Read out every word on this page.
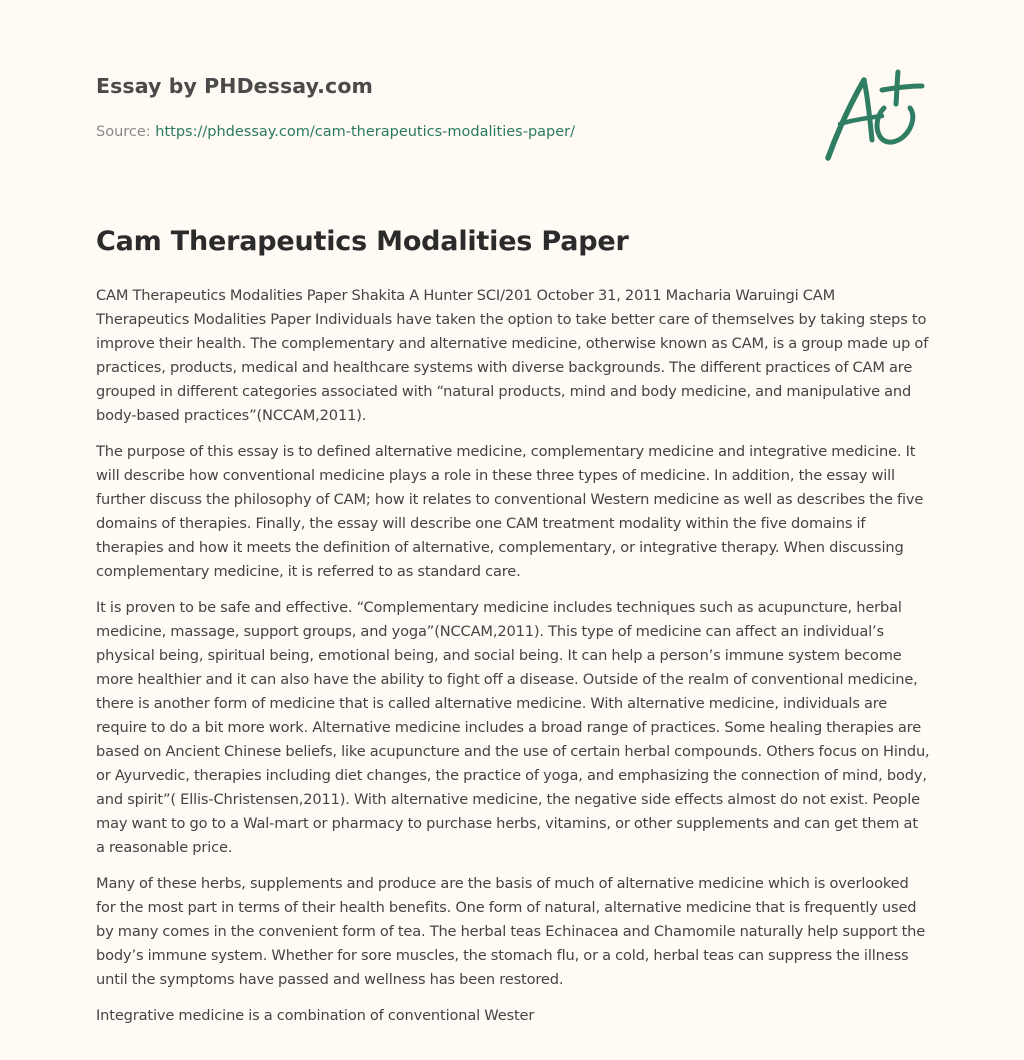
Essay by PHDessay.com

Source: https://phdessay.com/cam-therapeutics-modalities-paper/
Cam Therapeutics Modalities Paper

CAM Therapeutics Modalities Paper Shakita A Hunter SCI/201 October 31, 2011 Macharia Waruingi CAM Therapeutics Modalities Paper Individuals have taken the option to take better care of themselves by taking steps to improve their health. The complementary and alternative medicine, otherwise known as CAM, is a group made up of practices, products, medical and healthcare systems with diverse backgrounds. The different practices of CAM are grouped in different categories associated with “natural products, mind and body medicine, and manipulative and body-based practices”(NCCAM,2011).

The purpose of this essay is to defined alternative medicine, complementary medicine and integrative medicine. It will describe how conventional medicine plays a role in these three types of medicine. In addition, the essay will further discuss the philosophy of CAM; how it relates to conventional Western medicine as well as describes the five domains of therapies. Finally, the essay will describe one CAM treatment modality within the five domains if therapies and how it meets the definition of alternative, complementary, or integrative therapy. When discussing complementary medicine, it is referred to as standard care.

It is proven to be safe and effective. “Complementary medicine includes techniques such as acupuncture, herbal medicine, massage, support groups, and yoga”(NCCAM,2011). This type of medicine can affect an individual’s physical being, spiritual being, emotional being, and social being. It can help a person’s immune system become more healthier and it can also have the ability to fight off a disease. Outside of the realm of conventional medicine, there is another form of medicine that is called alternative medicine. With alternative medicine, individuals are require to do a bit more work. Alternative medicine includes a broad range of practices. Some healing therapies are based on Ancient Chinese beliefs, like acupuncture and the use of certain herbal compounds. Others focus on Hindu, or Ayurvedic, therapies including diet changes, the practice of yoga, and emphasizing the connection of mind, body, and spirit”( Ellis-Christensen,2011). With alternative medicine, the negative side effects almost do not exist. People may want to go to a Wal-mart or pharmacy to purchase herbs, vitamins, or other supplements and can get them at a reasonable price.

Many of these herbs, supplements and produce are the basis of much of alternative medicine which is overlooked for the most part in terms of their health benefits. One form of natural, alternative medicine that is frequently used by many comes in the convenient form of tea. The herbal teas Echinacea and Chamomile naturally help support the body’s immune system. Whether for sore muscles, the stomach flu, or a cold, herbal teas can suppress the illness until the symptoms have passed and wellness has been restored.

Integrative medicine is a combination of conventional Wester
